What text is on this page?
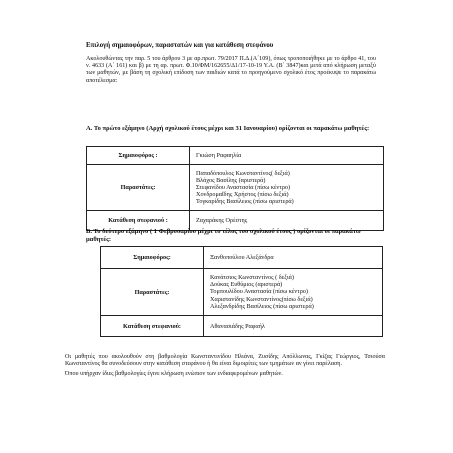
Επιλογή σημαιοφόρων, παραστατών και για κατάθεση στεφάνου

Ακολουθώντας την παρ. 5 του άρθρου 3 με αρ.πρωτ. 79/2017 Π.Δ.(Α΄109), όπως τροποποιήθηκε με το άρθρο 41, του ν. 4633 (Α΄ 161) και β) με τη αρ. πρωτ. Φ.10/ΦΜ/162655/Δ1/17-10-19 Υ.Α. (Β΄ 3847)και μετά από κλήρωση μεταξύ των μαθητών, με βάση τη σχολική επίδοση των παιδιών κατά το προηγούμενο σχολικό έτος προέκυψε το παρακάτω αποτέλεσμα:

Α. Το πρώτο εξάμηνο (Αρχή σχολικού έτους μέχρι και 31 Ιανουαρίου) ορίζονται οι παρακάτω μαθητές:
Σημαιοφόρος :	Γκιώση Ραφαηλία
Παραστάτες:	Παπαδόπουλος Κωνσταντίνος( δεξιά)
Βλάχος Βασίλης (αριστερά)
Στεφανίδου Αναστασία (πίσω κέντρο)
Χονδρομαΐδης Χρήστος (πίσω δεξιά)
Τογκαρίδης Βασίλειος (πίσω αριστερά)

Κατάθεση στεφανιού :	Ζαχαράκης Ορέστης
Β. Το δεύτερο εξάμηνο ( 1 Φεβρουαρίου μέχρι το τέλος του σχολικού έτους ) ορίζονται οι παρακάτω μαθητές:
Σημαιοφόρος:	Ξανθοπούλου Αλεξάνδρα
Παραστάτες:	Κανάτσιος Κωνσταντίνος ( δεξιά)
Δούκας Ευθύμιος (αριστερά)
Τομπουλίδου Αναστασία (πίσω κέντρο)
Χαριστανίδης Κωνσταντίνος(πίσω δεξιά)
Αλεξανδρίδης Βασίλειος (πίσω αριστερά)

Κατάθεση στεφανιού:	Αθανασιάδης Ραφαήλ

Οι μαθητές που ακολουθούν στη βαθμολογία Κωνσταντινίδου Ηλιάνα, Ζυσίδης Απόλλωνας, Γκίζας Γεώργιος, Τσιούσα Κωνσταντίνος θα συνοδεύσουν στην κατάθεση στεφάνου ή θα είναι διμοιρίτες των τμημάτων αν γίνει παρέλαση.

Όπου υπήρχαν ίδιες βαθμολογίες έγινε κλήρωση ενώπιον των ενδιαφερομένων μαθητών.
